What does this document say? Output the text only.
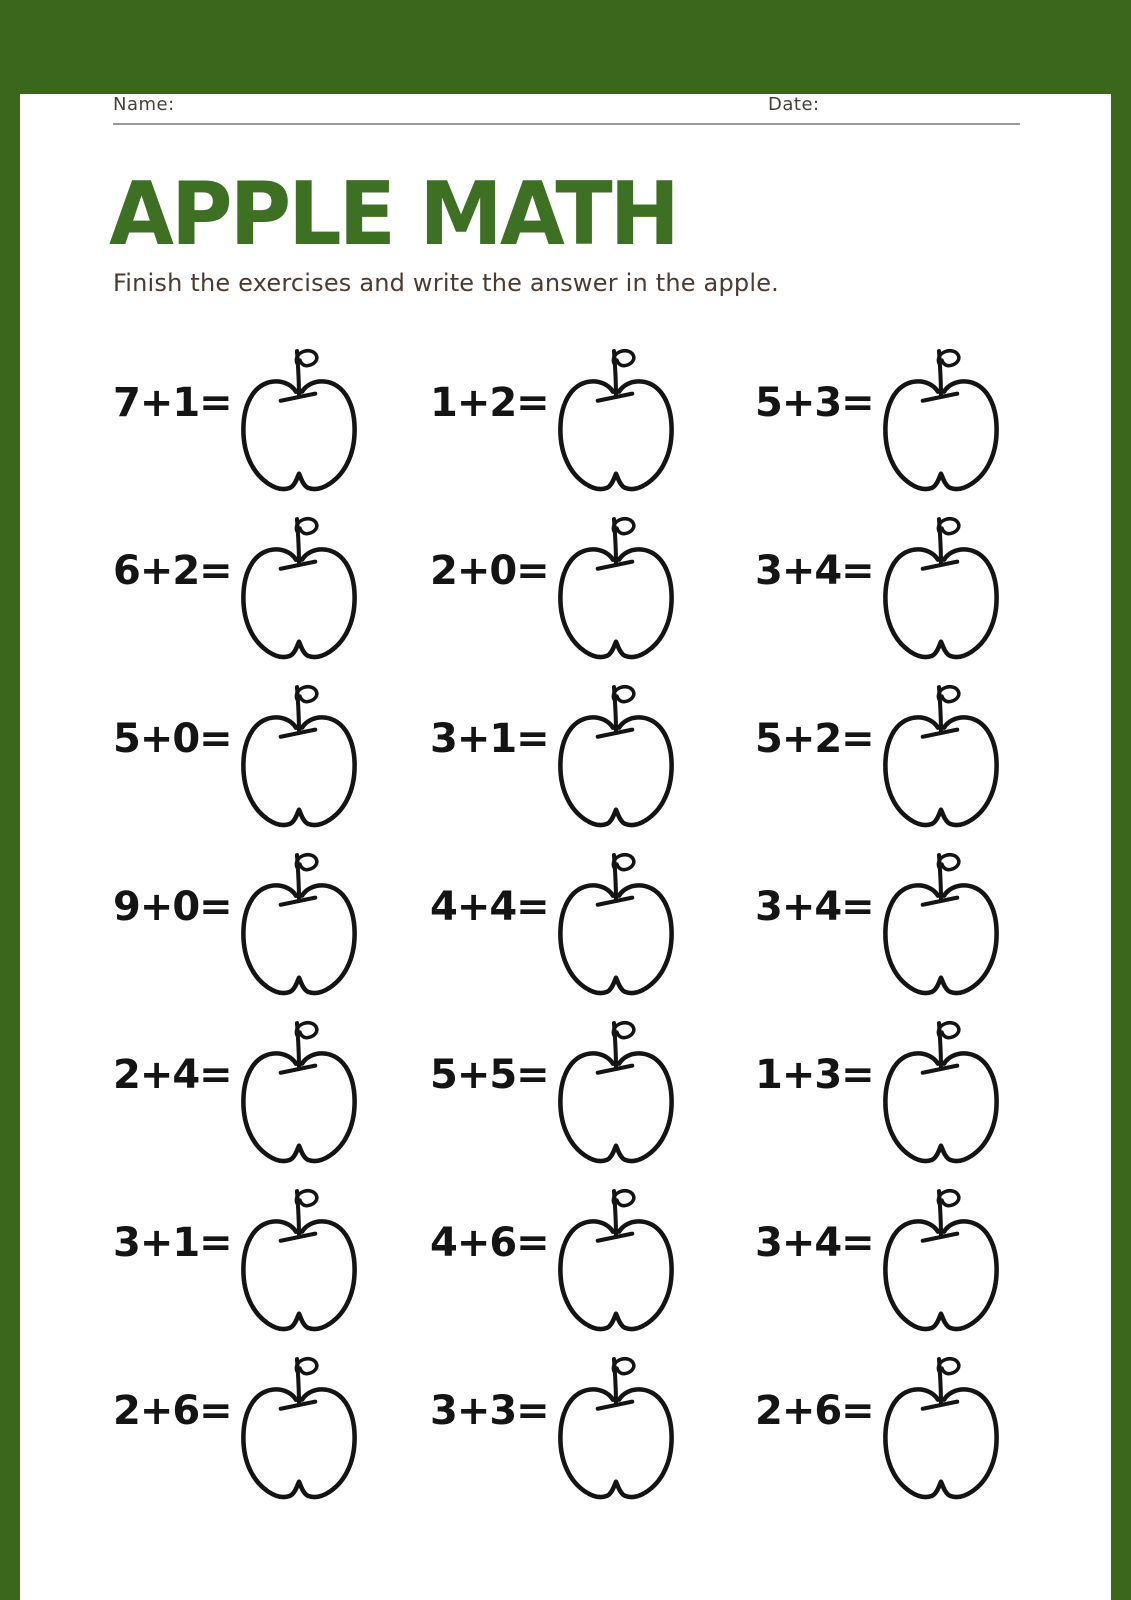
Name:	Date:
APPLE MATH

Finish the exercises and write the answer in the apple.

7+1=	1+2=	5+3=
6+2=	2+0=	3+4=
5+0=	3+1=	5+2=
9+0=	4+4=	3+4=
2+4=	5+5=	1+3=
3+1=	4+6=	3+4=
2+6=	3+3=	2+6=
